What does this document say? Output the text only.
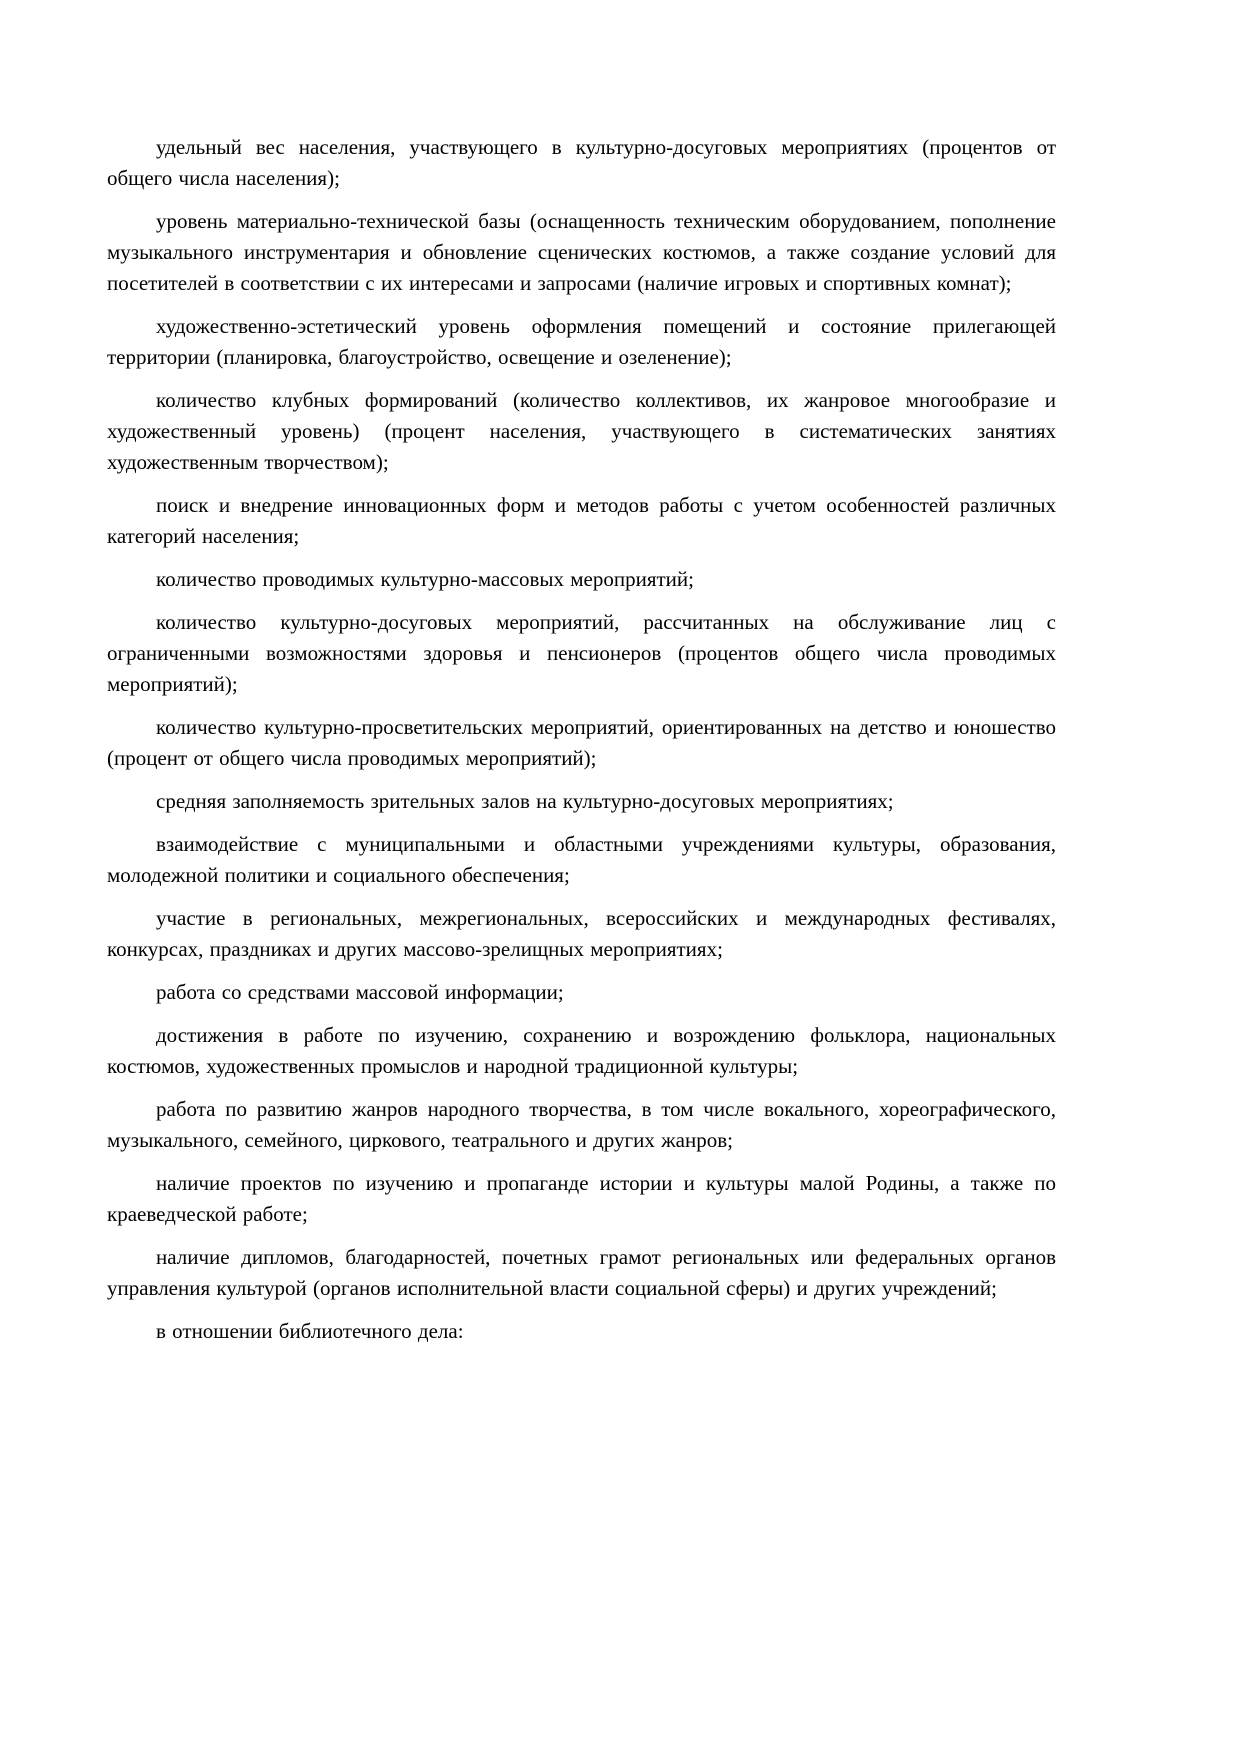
удельный вес населения, участвующего в культурно-досуговых мероприятиях (процентов от общего числа населения);

уровень материально-технической базы (оснащенность техническим оборудованием, пополнение музыкального инструментария и обновление сценических костюмов, а также создание условий для посетителей в соответствии с их интересами и запросами (наличие игровых и спортивных комнат);

художественно-эстетический уровень оформления помещений и состояние прилегающей территории (планировка, благоустройство, освещение и озеленение);

количество клубных формирований (количество коллективов, их жанровое многообразие и художественный уровень) (процент населения, участвующего в систематических занятиях художественным творчеством);

поиск и внедрение инновационных форм и методов работы с учетом особенностей различных категорий населения;

количество проводимых культурно-массовых мероприятий;

количество культурно-досуговых мероприятий, рассчитанных на обслуживание лиц с ограниченными возможностями здоровья и пенсионеров (процентов общего числа проводимых мероприятий);

количество культурно-просветительских мероприятий, ориентированных на детство и юношество (процент от общего числа проводимых мероприятий);

средняя заполняемость зрительных залов на культурно-досуговых мероприятиях;

взаимодействие с муниципальными и областными учреждениями культуры, образования, молодежной политики и социального обеспечения;

участие в региональных, межрегиональных, всероссийских и международных фестивалях, конкурсах, праздниках и других массово-зрелищных мероприятиях;

работа со средствами массовой информации;

достижения в работе по изучению, сохранению и возрождению фольклора, национальных костюмов, художественных промыслов и народной традиционной культуры;

работа по развитию жанров народного творчества, в том числе вокального, хореографического, музыкального, семейного, циркового, театрального и других жанров;

наличие проектов по изучению и пропаганде истории и культуры малой Родины, а также по краеведческой работе;

наличие дипломов, благодарностей, почетных грамот региональных или федеральных органов управления культурой (органов исполнительной власти социальной сферы) и других учреждений;

в отношении библиотечного дела:
